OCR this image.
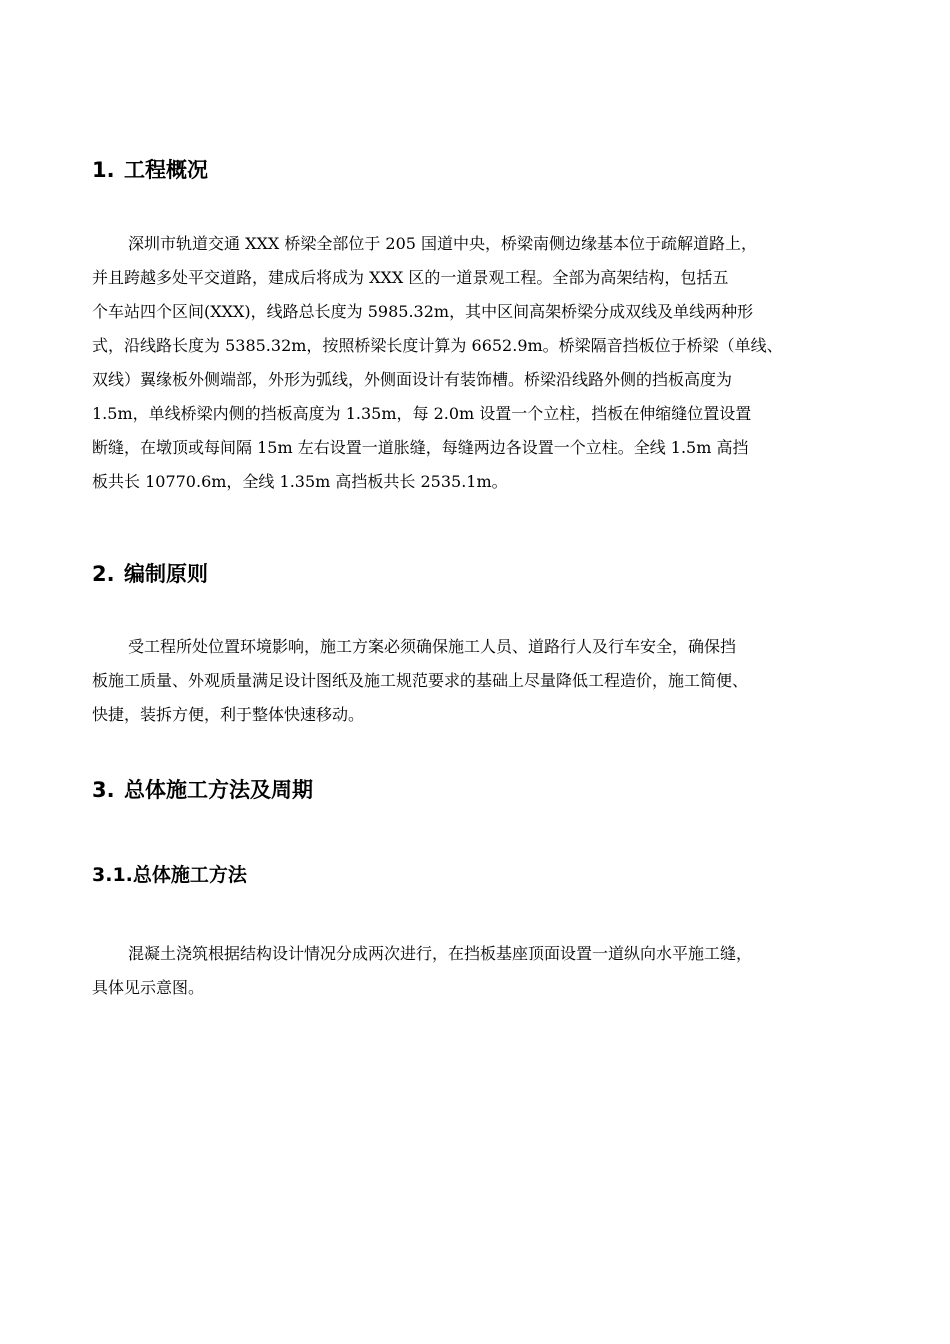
1. 工程概况
深圳市轨道交通 XXX 桥梁全部位于 205 国道中央，桥梁南侧边缘基本位于疏解道路上，
并且跨越多处平交道路，建成后将成为 XXX 区的一道景观工程。全部为高架结构，包括五
个车站四个区间(XXX)，线路总长度为 5985.32m，其中区间高架桥梁分成双线及单线两种形
式，沿线路长度为 5385.32m，按照桥梁长度计算为 6652.9m。桥梁隔音挡板位于桥梁（单线、
双线）翼缘板外侧端部，外形为弧线，外侧面设计有装饰槽。桥梁沿线路外侧的挡板高度为
1.5m，单线桥梁内侧的挡板高度为 1.35m，每 2.0m 设置一个立柱，挡板在伸缩缝位置设置
断缝，在墩顶或每间隔 15m 左右设置一道胀缝，每缝两边各设置一个立柱。全线 1.5m 高挡
板共长 10770.6m，全线 1.35m 高挡板共长 2535.1m。
2. 编制原则
受工程所处位置环境影响，施工方案必须确保施工人员、道路行人及行车安全，确保挡
板施工质量、外观质量满足设计图纸及施工规范要求的基础上尽量降低工程造价，施工简便、
快捷，装拆方便，利于整体快速移动。
3. 总体施工方法及周期
3.1.总体施工方法
混凝土浇筑根据结构设计情况分成两次进行，在挡板基座顶面设置一道纵向水平施工缝，
具体见示意图。
